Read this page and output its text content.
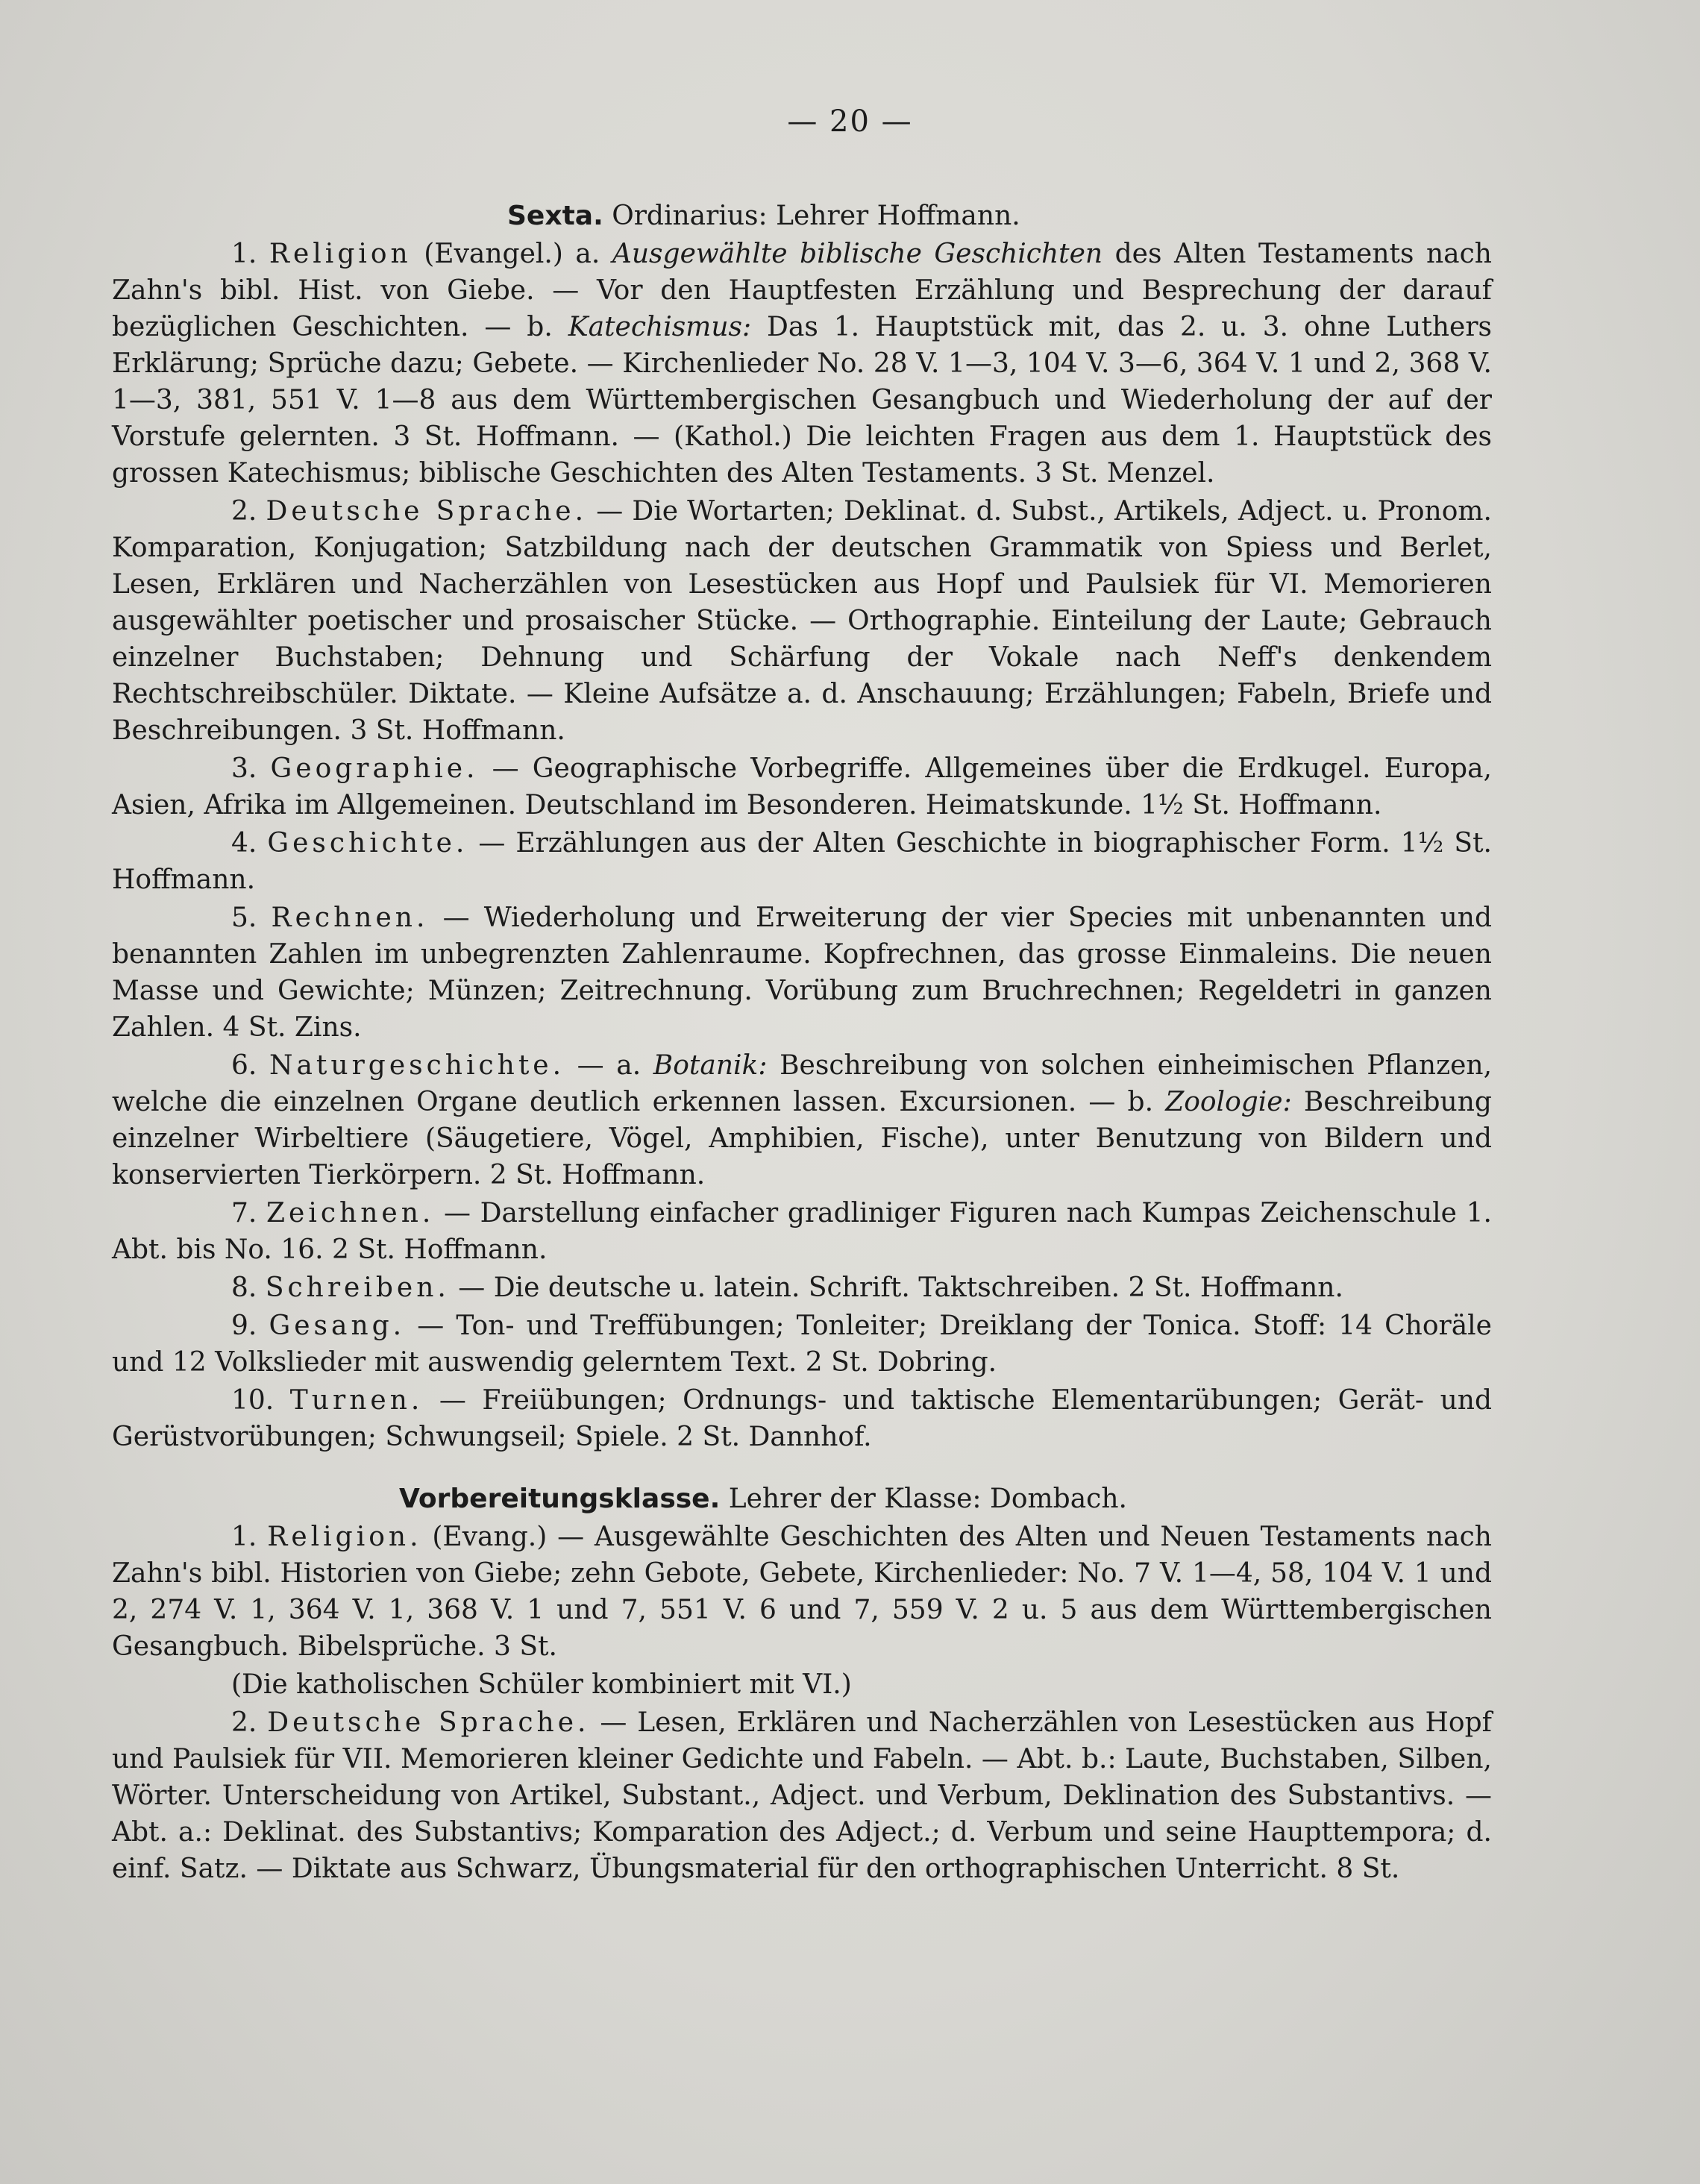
— 20 —

Sexta. Ordinarius: Lehrer Hoffmann.

1. Religion (Evangel.) a. Ausgewählte biblische Geschichten des Alten Testaments nach Zahn's bibl. Hist. von Giebe. — Vor den Hauptfesten Erzählung und Besprechung der darauf bezüglichen Geschichten. — b. Katechismus: Das 1. Hauptstück mit, das 2. u. 3. ohne Luthers Erklärung; Sprüche dazu; Gebete. — Kirchenlieder No. 28 V. 1—3, 104 V. 3—6, 364 V. 1 und 2, 368 V. 1—3, 381, 551 V. 1—8 aus dem Württembergischen Gesangbuch und Wiederholung der auf der Vorstufe gelernten. 3 St. Hoffmann. — (Kathol.) Die leichten Fragen aus dem 1. Hauptstück des grossen Katechismus; biblische Geschichten des Alten Testaments. 3 St. Menzel.

2. Deutsche Sprache. — Die Wortarten; Deklinat. d. Subst., Artikels, Adject. u. Pronom. Komparation, Konjugation; Satzbildung nach der deutschen Grammatik von Spiess und Berlet, Lesen, Erklären und Nacherzählen von Lesestücken aus Hopf und Paulsiek für VI. Memorieren ausgewählter poetischer und prosaischer Stücke. — Orthographie. Einteilung der Laute; Gebrauch einzelner Buchstaben; Dehnung und Schärfung der Vokale nach Neff's denkendem Rechtschreibschüler. Diktate. — Kleine Aufsätze a. d. Anschauung; Erzählungen; Fabeln, Briefe und Beschreibungen. 3 St. Hoffmann.

3. Geographie. — Geographische Vorbegriffe. Allgemeines über die Erdkugel. Europa, Asien, Afrika im Allgemeinen. Deutschland im Besonderen. Heimatskunde. 1½ St. Hoffmann.

4. Geschichte. — Erzählungen aus der Alten Geschichte in biographischer Form. 1½ St. Hoffmann.

5. Rechnen. — Wiederholung und Erweiterung der vier Species mit unbenannten und benannten Zahlen im unbegrenzten Zahlenraume. Kopfrechnen, das grosse Einmaleins. Die neuen Masse und Gewichte; Münzen; Zeitrechnung. Vorübung zum Bruchrechnen; Regeldetri in ganzen Zahlen. 4 St. Zins.

6. Naturgeschichte. — a. Botanik: Beschreibung von solchen einheimischen Pflanzen, welche die einzelnen Organe deutlich erkennen lassen. Excursionen. — b. Zoologie: Beschreibung einzelner Wirbeltiere (Säugetiere, Vögel, Amphibien, Fische), unter Benutzung von Bildern und konservierten Tierkörpern. 2 St. Hoffmann.

7. Zeichnen. — Darstellung einfacher gradliniger Figuren nach Kumpas Zeichenschule 1. Abt. bis No. 16. 2 St. Hoffmann.

8. Schreiben. — Die deutsche u. latein. Schrift. Taktschreiben. 2 St. Hoffmann.

9. Gesang. — Ton- und Treffübungen; Tonleiter; Dreiklang der Tonica. Stoff: 14 Choräle und 12 Volkslieder mit auswendig gelerntem Text. 2 St. Dobring.

10. Turnen. — Freiübungen; Ordnungs- und taktische Elementarübungen; Gerät- und Gerüstvorübungen; Schwungseil; Spiele. 2 St. Dannhof.

Vorbereitungsklasse. Lehrer der Klasse: Dombach.

1. Religion. (Evang.) — Ausgewählte Geschichten des Alten und Neuen Testaments nach Zahn's bibl. Historien von Giebe; zehn Gebote, Gebete, Kirchenlieder: No. 7 V. 1—4, 58, 104 V. 1 und 2, 274 V. 1, 364 V. 1, 368 V. 1 und 7, 551 V. 6 und 7, 559 V. 2 u. 5 aus dem Württembergischen Gesangbuch. Bibelsprüche. 3 St.

(Die katholischen Schüler kombiniert mit VI.)

2. Deutsche Sprache. — Lesen, Erklären und Nacherzählen von Lesestücken aus Hopf und Paulsiek für VII. Memorieren kleiner Gedichte und Fabeln. — Abt. b.: Laute, Buchstaben, Silben, Wörter. Unterscheidung von Artikel, Substant., Adject. und Verbum, Deklination des Substantivs. — Abt. a.: Deklinat. des Substantivs; Komparation des Adject.; d. Verbum und seine Haupttempora; d. einf. Satz. — Diktate aus Schwarz, Übungsmaterial für den orthographischen Unterricht. 8 St.
